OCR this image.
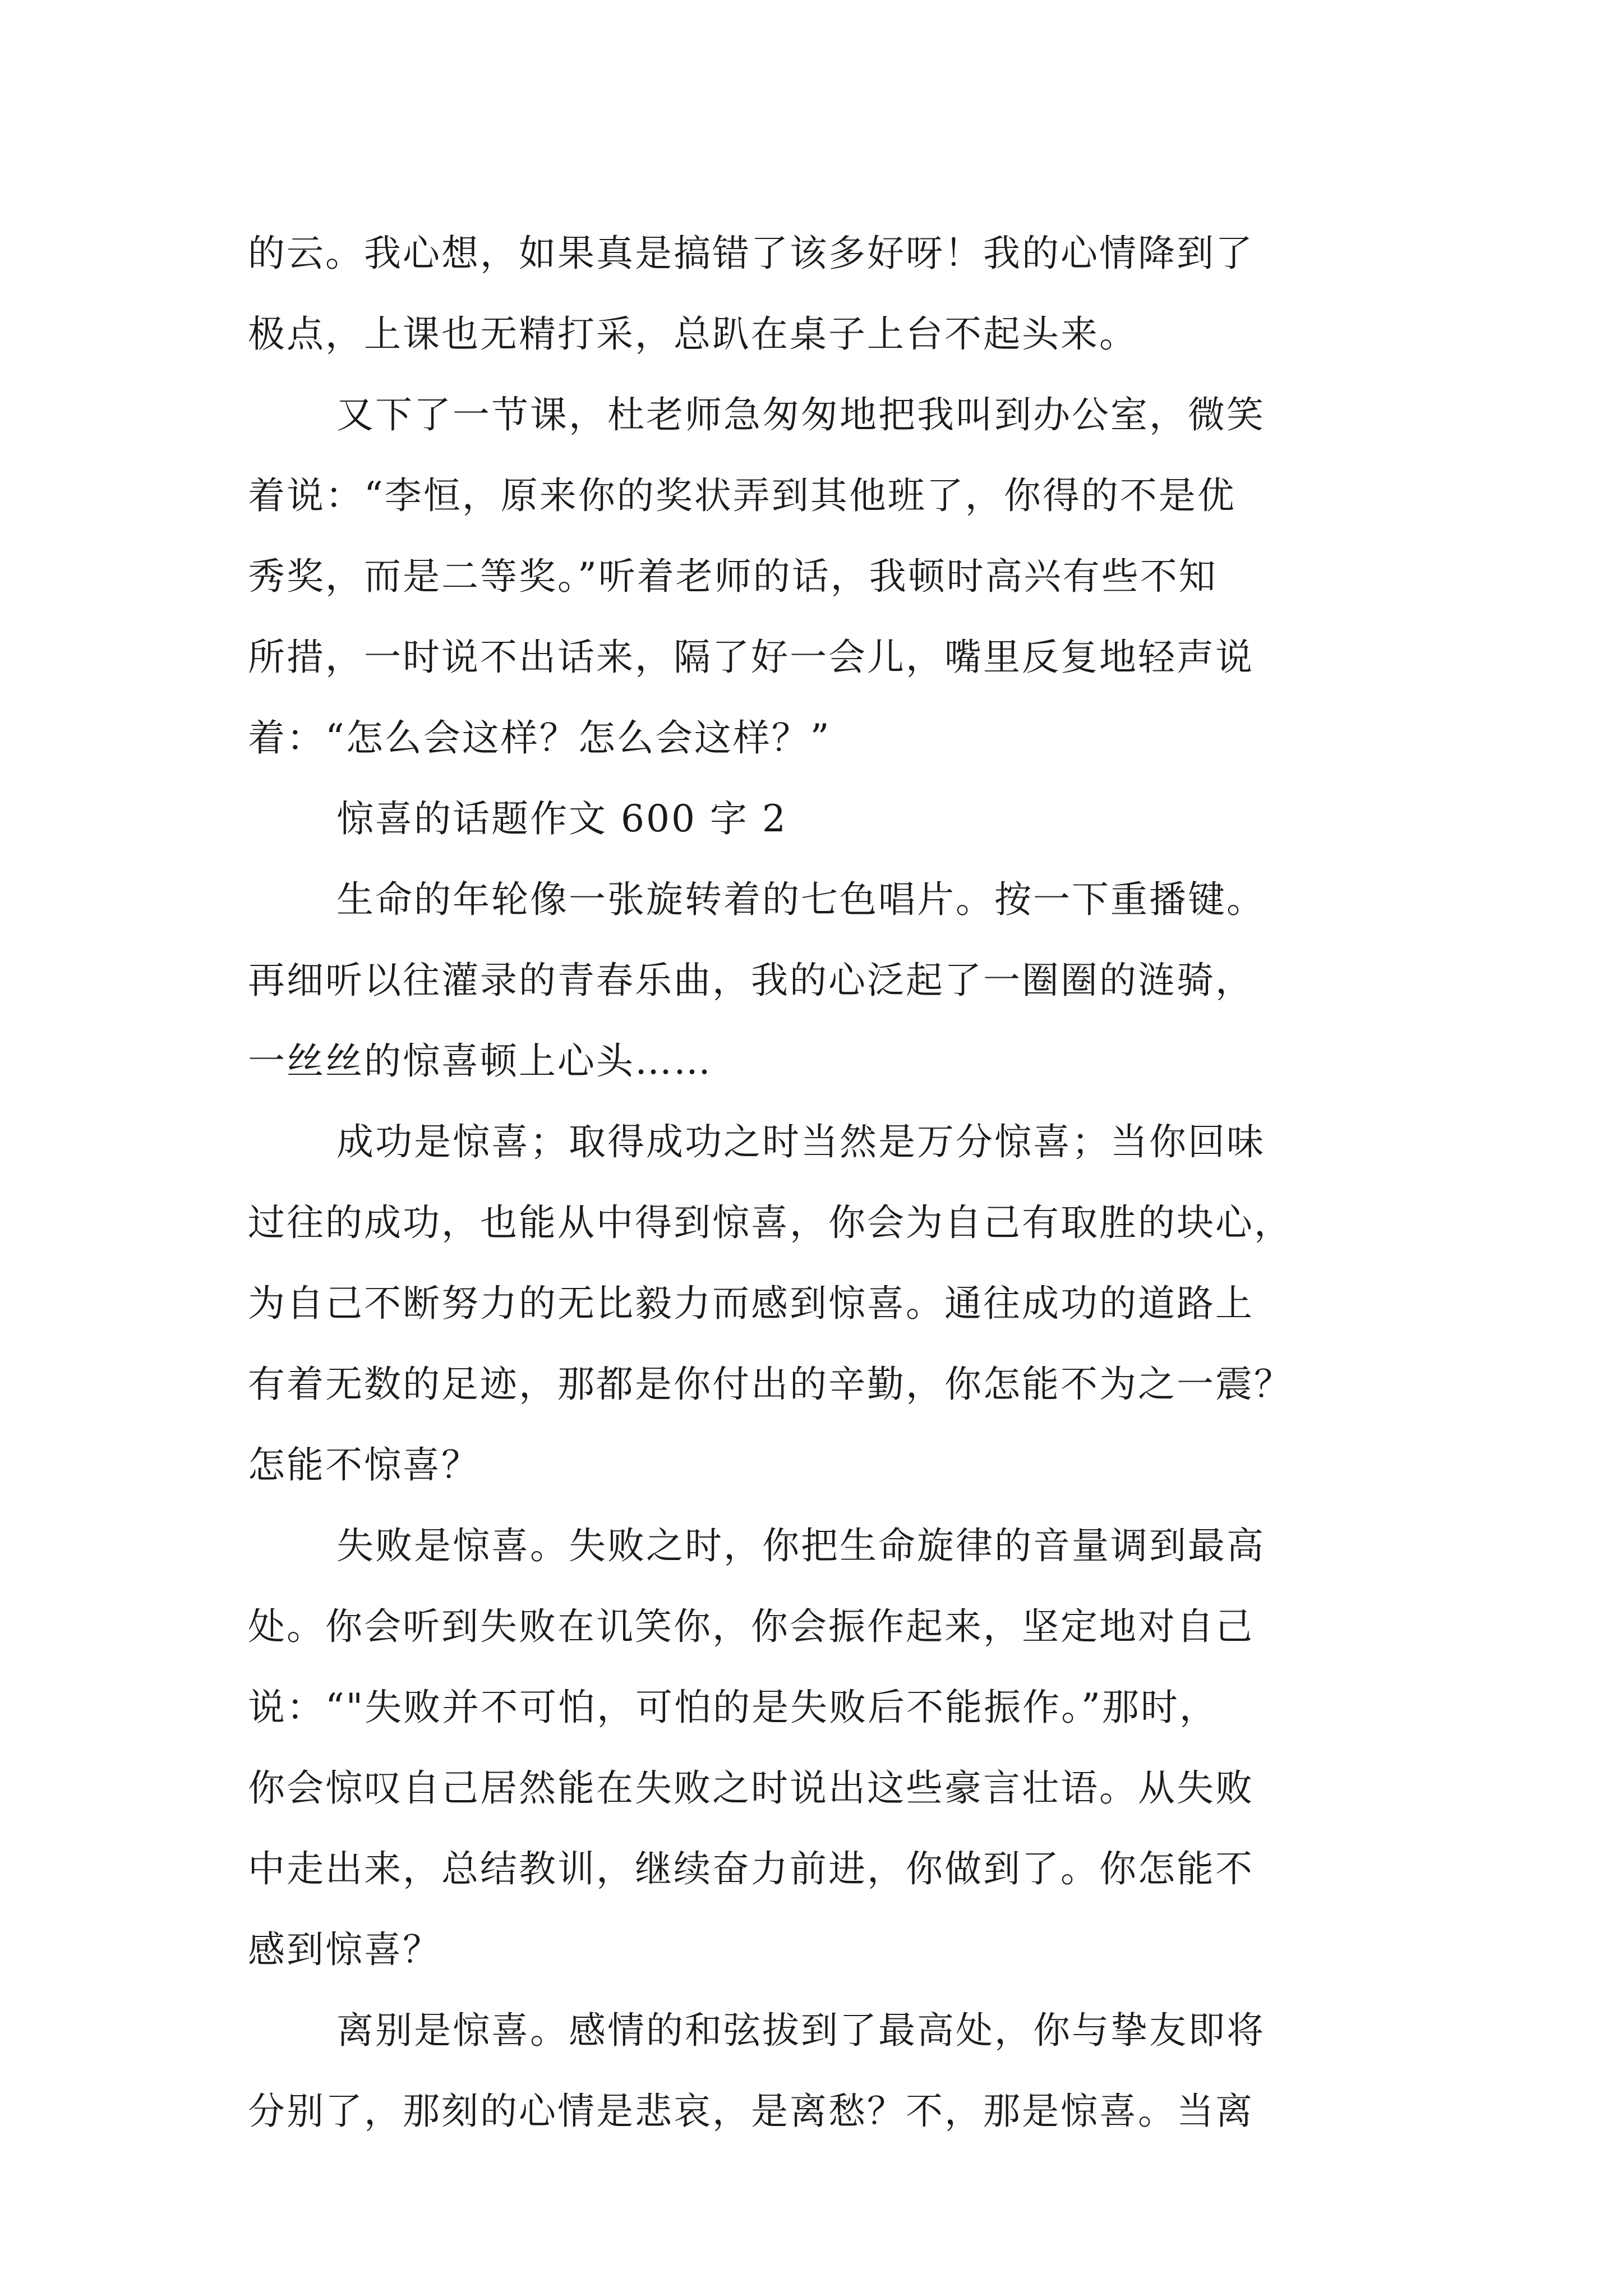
的云。我心想，如果真是搞错了该多好呀！我的心情降到了
极点，上课也无精打采，总趴在桌子上台不起头来。
又下了一节课，杜老师急匆匆地把我叫到办公室，微笑
着说：“李恒，原来你的奖状弄到其他班了，你得的不是优
秀奖，而是二等奖。”听着老师的话，我顿时高兴有些不知
所措，一时说不出话来，隔了好一会儿，嘴里反复地轻声说
着：“怎么会这样？怎么会这样？”
惊喜的话题作文 600 字 2
生命的年轮像一张旋转着的七色唱片。按一下重播键。
再细听以往灌录的青春乐曲，我的心泛起了一圈圈的涟骑，
一丝丝的惊喜顿上心头……
成功是惊喜；取得成功之时当然是万分惊喜；当你回味
过往的成功，也能从中得到惊喜，你会为自己有取胜的块心，
为自己不断努力的无比毅力而感到惊喜。通往成功的道路上
有着无数的足迹，那都是你付出的辛勤，你怎能不为之一震？
怎能不惊喜？
失败是惊喜。失败之时，你把生命旋律的音量调到最高
处。你会听到失败在讥笑你，你会振作起来，坚定地对自己
说：“"失败并不可怕，可怕的是失败后不能振作。”那时，
你会惊叹自己居然能在失败之时说出这些豪言壮语。从失败
中走出来，总结教训，继续奋力前进，你做到了。你怎能不
感到惊喜？
离别是惊喜。感情的和弦拔到了最高处，你与挚友即将
分别了，那刻的心情是悲哀，是离愁？不，那是惊喜。当离
